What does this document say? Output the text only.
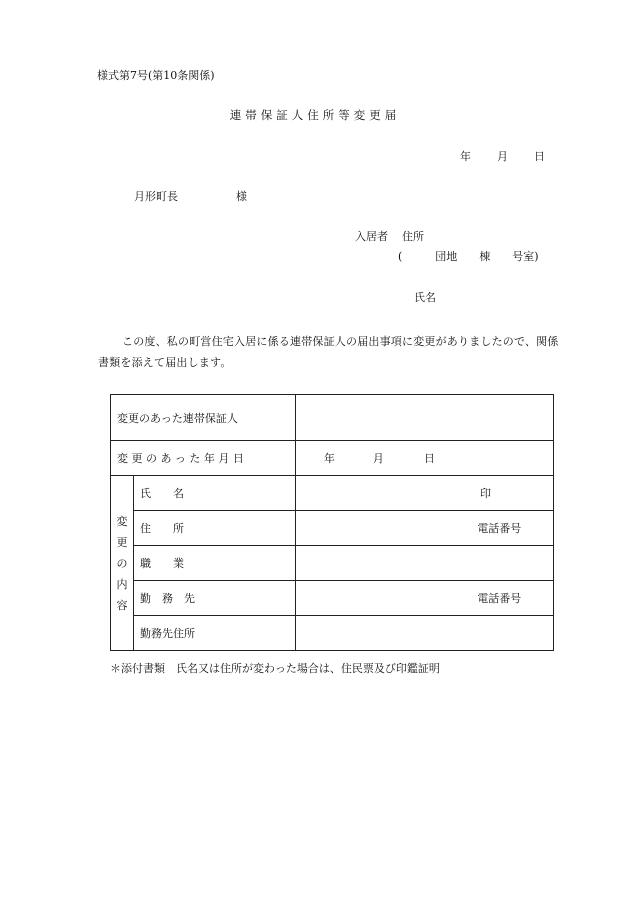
様式第7号(第10条関係)
連帯保証人住所等変更届
年 月 日
月形町長	様
入居者 住所
(　　　団地　　棟　　号室)
氏名
この度、私の町営住宅入居に係る連帯保証人の届出事項に変更がありましたので、関係書類を添えて届出します。
変更のあった連帯保証人		
変更のあった年月日		年 月 日

変
更
の
内
容	氏　　名	印
	住　　所	電話番号
	職　　業	
	勤　務　先	電話番号
	勤務先住所	
＊添付書類　氏名又は住所が変わった場合は、住民票及び印鑑証明
